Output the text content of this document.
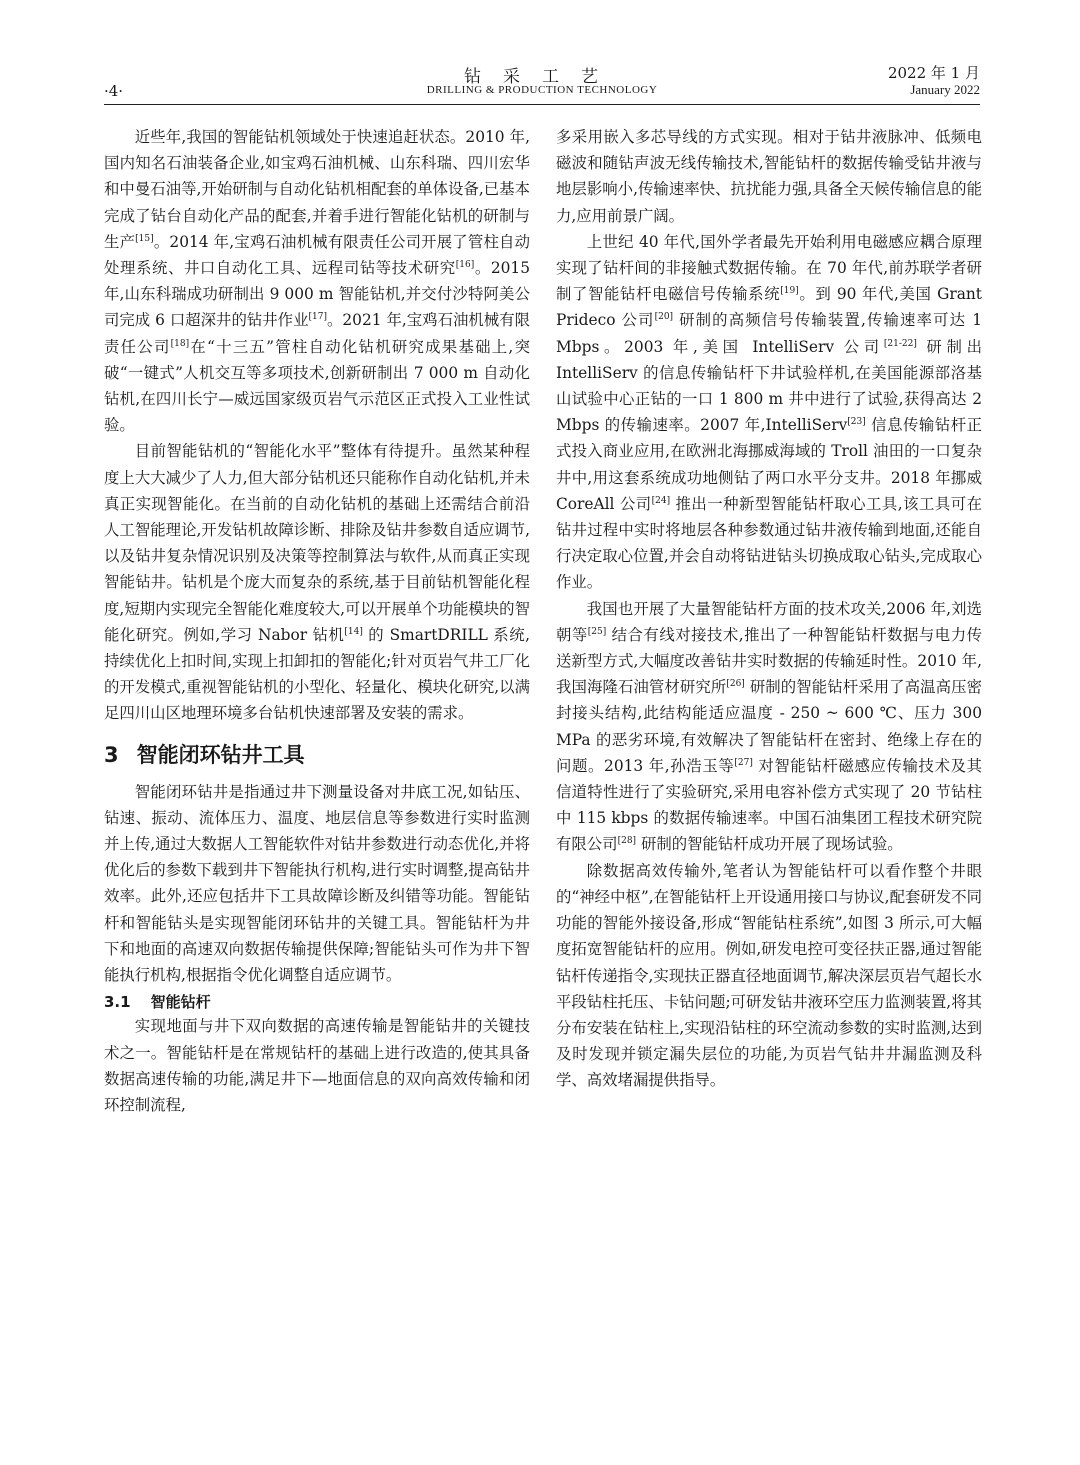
·4·
钻采工艺
DRILLING & PRODUCTION TECHNOLOGY
2022 年 1 月
January 2022

近些年,我国的智能钻机领域处于快速追赶状态。2010 年,国内知名石油装备企业,如宝鸡石油机械、山东科瑞、四川宏华和中曼石油等,开始研制与自动化钻机相配套的单体设备,已基本完成了钻台自动化产品的配套,并着手进行智能化钻机的研制与生产[15]。2014 年,宝鸡石油机械有限责任公司开展了管柱自动处理系统、井口自动化工具、远程司钻等技术研究[16]。2015 年,山东科瑞成功研制出 9 000 m 智能钻机,并交付沙特阿美公司完成 6 口超深井的钻井作业[17]。2021 年,宝鸡石油机械有限责任公司[18]在“十三五”管柱自动化钻机研究成果基础上,突破“一键式”人机交互等多项技术,创新研制出 7 000 m 自动化钻机,在四川长宁—威远国家级页岩气示范区正式投入工业性试验。

目前智能钻机的“智能化水平”整体有待提升。虽然某种程度上大大减少了人力,但大部分钻机还只能称作自动化钻机,并未真正实现智能化。在当前的自动化钻机的基础上还需结合前沿人工智能理论,开发钻机故障诊断、排除及钻井参数自适应调节,以及钻井复杂情况识别及决策等控制算法与软件,从而真正实现智能钻井。钻机是个庞大而复杂的系统,基于目前钻机智能化程度,短期内实现完全智能化难度较大,可以开展单个功能模块的智能化研究。例如,学习 Nabor 钻机[14] 的 SmartDRILL 系统,持续优化上扣时间,实现上扣卸扣的智能化;针对页岩气井工厂化的开发模式,重视智能钻机的小型化、轻量化、模块化研究,以满足四川山区地理环境多台钻机快速部署及安装的需求。

3 智能闭环钻井工具

智能闭环钻井是指通过井下测量设备对井底工况,如钻压、钻速、振动、流体压力、温度、地层信息等参数进行实时监测并上传,通过大数据人工智能软件对钻井参数进行动态优化,并将优化后的参数下载到井下智能执行机构,进行实时调整,提高钻井效率。此外,还应包括井下工具故障诊断及纠错等功能。智能钻杆和智能钻头是实现智能闭环钻井的关键工具。智能钻杆为井下和地面的高速双向数据传输提供保障;智能钻头可作为井下智能执行机构,根据指令优化调整自适应调节。

3.1 智能钻杆

实现地面与井下双向数据的高速传输是智能钻井的关键技术之一。智能钻杆是在常规钻杆的基础上进行改造的,使其具备数据高速传输的功能,满足井下—地面信息的双向高效传输和闭环控制流程,

多采用嵌入多芯导线的方式实现。相对于钻井液脉冲、低频电磁波和随钻声波无线传输技术,智能钻杆的数据传输受钻井液与地层影响小,传输速率快、抗扰能力强,具备全天候传输信息的能力,应用前景广阔。

上世纪 40 年代,国外学者最先开始利用电磁感应耦合原理实现了钻杆间的非接触式数据传输。在 70 年代,前苏联学者研制了智能钻杆电磁信号传输系统[19]。到 90 年代,美国 Grant Prideco 公司[20] 研制的高频信号传输装置,传输速率可达 1 Mbps。2003 年,美国 IntelliServ 公司[21-22] 研制出 IntelliServ 的信息传输钻杆下井试验样机,在美国能源部洛基山试验中心正钻的一口 1 800 m 井中进行了试验,获得高达 2 Mbps 的传输速率。2007 年,IntelliServ[23] 信息传输钻杆正式投入商业应用,在欧洲北海挪威海域的 Troll 油田的一口复杂井中,用这套系统成功地侧钻了两口水平分支井。2018 年挪威 CoreAll 公司[24] 推出一种新型智能钻杆取心工具,该工具可在钻井过程中实时将地层各种参数通过钻井液传输到地面,还能自行决定取心位置,并会自动将钻进钻头切换成取心钻头,完成取心作业。

我国也开展了大量智能钻杆方面的技术攻关,2006 年,刘选朝等[25] 结合有线对接技术,推出了一种智能钻杆数据与电力传送新型方式,大幅度改善钻井实时数据的传输延时性。2010 年,我国海隆石油管材研究所[26] 研制的智能钻杆采用了高温高压密封接头结构,此结构能适应温度 - 250 ~ 600 ℃、压力 300 MPa 的恶劣环境,有效解决了智能钻杆在密封、绝缘上存在的问题。2013 年,孙浩玉等[27] 对智能钻杆磁感应传输技术及其信道特性进行了实验研究,采用电容补偿方式实现了 20 节钻柱中 115 kbps 的数据传输速率。中国石油集团工程技术研究院有限公司[28] 研制的智能钻杆成功开展了现场试验。

除数据高效传输外,笔者认为智能钻杆可以看作整个井眼的“神经中枢”,在智能钻杆上开设通用接口与协议,配套研发不同功能的智能外接设备,形成“智能钻柱系统”,如图 3 所示,可大幅度拓宽智能钻杆的应用。例如,研发电控可变径扶正器,通过智能钻杆传递指令,实现扶正器直径地面调节,解决深层页岩气超长水平段钻柱托压、卡钻问题;可研发钻井液环空压力监测装置,将其分布安装在钻柱上,实现沿钻柱的环空流动参数的实时监测,达到及时发现并锁定漏失层位的功能,为页岩气钻井井漏监测及科学、高效堵漏提供指导。
